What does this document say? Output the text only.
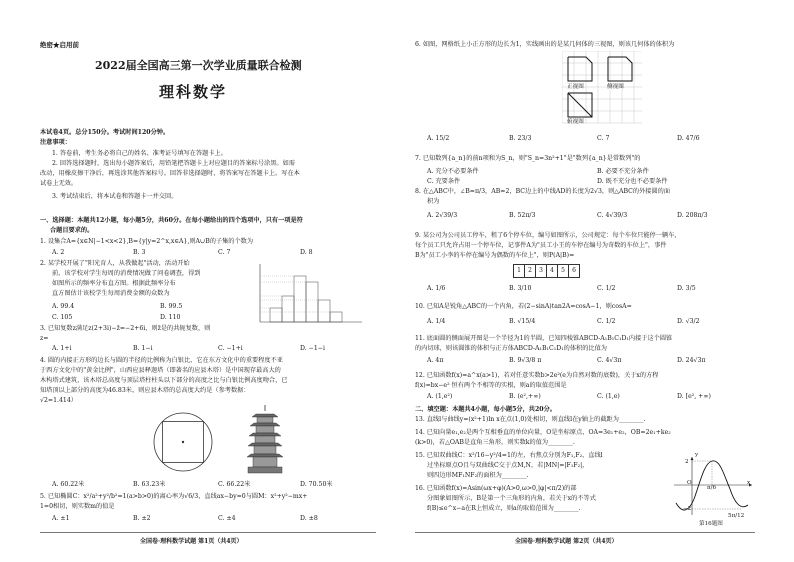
绝密★启用前
2022届全国高三第一次学业质量联合检测
理科数学
本试卷4页。总分150分。考试时间120分钟。
注意事项：
1. 答卷前，考生务必将自己的姓名、准考证号填写在答题卡上。
2. 回答选择题时，选出每小题答案后，用铅笔把答题卡上对应题目的答案标号涂黑。如需
改动，用橡皮擦干净后，再选涂其他答案标号。回答非选择题时，将答案写在答题卡上。写在本
试卷上无效。
3. 考试结束后，将本试卷和答题卡一并交回。
一、选择题：本题共12小题，每小题5分，共60分。在每小题给出的四个选项中，只有一项是符
合题目要求的。
1. 设集合A={x∈N|−1<x<2},B={y|y=2^x,x∈A},则A∪B的子集的个数为
A. 2	B. 3	C. 7	D. 8
2. 某学校开展了"阳光育人，从我做起"活动，活动开始
前，该学校对学生每周的消费情况做了问卷调查，得到
如图所示的频率分布直方图。根据此频率分布
直方图估计该校学生每周消费金额的众数为
A. 99.4	B. 99.5
C. 105	D. 110
3. 已知复数z满足z(2+3i)−z̄=−2+6i，则z̄是的共轭复数，则
z=
A. 1+i	B. 1−i	C. −1+i	D. −1−i
4. 圆的内接正方形的边长与圆的半径的比例称为白银比，它在东方文化中的重要程度不亚
于西方文化中的"黄金比例"，山西应县释迦塔（即著名的应县木塔）是中国现存最高大的
木构塔式建筑，该木塔总高度与顶层塔柱柱头以下部分的高度之比与白银比例高度吻合，已
知塔顶以上部分的高度为46.83米，则应县木塔的总高度大约是（参考数据：
√2≈1.414）
A. 60.22米	B. 63.23米	C. 66.22米	D. 70.50米
5. 已知椭圆C：x²/a²+y²/b²=1(a>b>0)的离心率为√6/3，直线ax−by=0与圆M：x²+y²−mx+
1=0相切，则实数m的值是
A. ±1	B. ±2	C. ±4	D. ±8
全国卷·理科数学试题 第1页（共4页）
6. 如图，网格纸上小正方形的边长为1，实线画出的是某几何体的三视图，则该几何体的体积为
正视图	侧视图
俯视图
A. 15/2	B. 23/3	C. 7	D. 47/6
7. 已知数列{a_n}的前n项和为S_n，则"S_n=3n²+1"是"数列{a_n}是常数列"的
A. 充分不必要条件	B. 必要不充分条件
C. 充要条件	D. 既不充分也不必要条件
8. 在△ABC中，∠B=π/3，AB=2，BC边上的中线AD的长度为2√3，则△ABC的外接圆的面
积为
A. 2√39/3	B. 52π/3	C. 4√39/3	D. 208π/3
9. 某公司为公司员工停车，租了6个停车位，编号如图所示，公司规定：每个车位只能停一辆车，
每个员工只允许占用一个停车位，记事件A为"员工小王的车停在编号为奇数的车位上"，事件
B为"员工小李的车停在编号为偶数的车位上"，则P(A|B)=
1	2	3	4	5	6
A. 1/6	B. 3/10	C. 1/2	D. 3/5
10. 已知A是锐角△ABC的一个内角，若(2−sinA)tan2A=cosA−1，则cosA=
A. 1/4	B. √15/4	C. 1/2	D. √3/2
11. 底面圆的侧面展开图是一个半径为1的半圆，已知四棱锥ABCD-A₁B₁C₁D₁内接于这个圆锥
的内切球，则该圆锥的体积与正方体ABCD-A₁B₁C₁D₁的体积的比值为
A. 4π	B. 9√3/8 π	C. 4√3π	D. 24√3π
12. 已知函数f(x)=a^x(a>1)，若对任意实数b>2e²(e为自然对数的底数)，关于x的方程
f(x)=bx−e² 恒有两个不相等的实根，则a的取值范围是
A. (1,e²)	B. (e²,+∞)	C. (1,e)	D. [e², +∞)
二、填空题：本题共4小题，每小题5分，共20分。
13. 直线l与曲线y=(x²+1)ln x在点(1,0)处相切，则直线l在y轴上的截距为________.
14. 已知向量e₁,e₂是两个互相垂直的单位向量，O是坐标原点，OA=3e₁+e₂，OB=2e₁+ke₂
(k>0)，若△OAB是直角三角形，则实数k的值为________.
15. 已知双曲线C：x²/16−y²/4=1的左，右焦点分别为F₁,F₂，直线l
过坐标原点O且与双曲线C交于点M,N，若|MN|=|F₁F₂|，
则四边形MF₁NF₂的面积为________.
16. 已知函数f(x)=Asin(ωx+φ)(A>0,ω>0,|φ|<π/2)的部
分图象如图所示，B是第一个三角形的内角，若关于x的不等式
f(B)≤e^x−a在R上恒成立，则a的取值范围为________.
O	x
y
2
−2
5π/12
π/6
第16题图
全国卷·理科数学试题 第2页（共4页）
